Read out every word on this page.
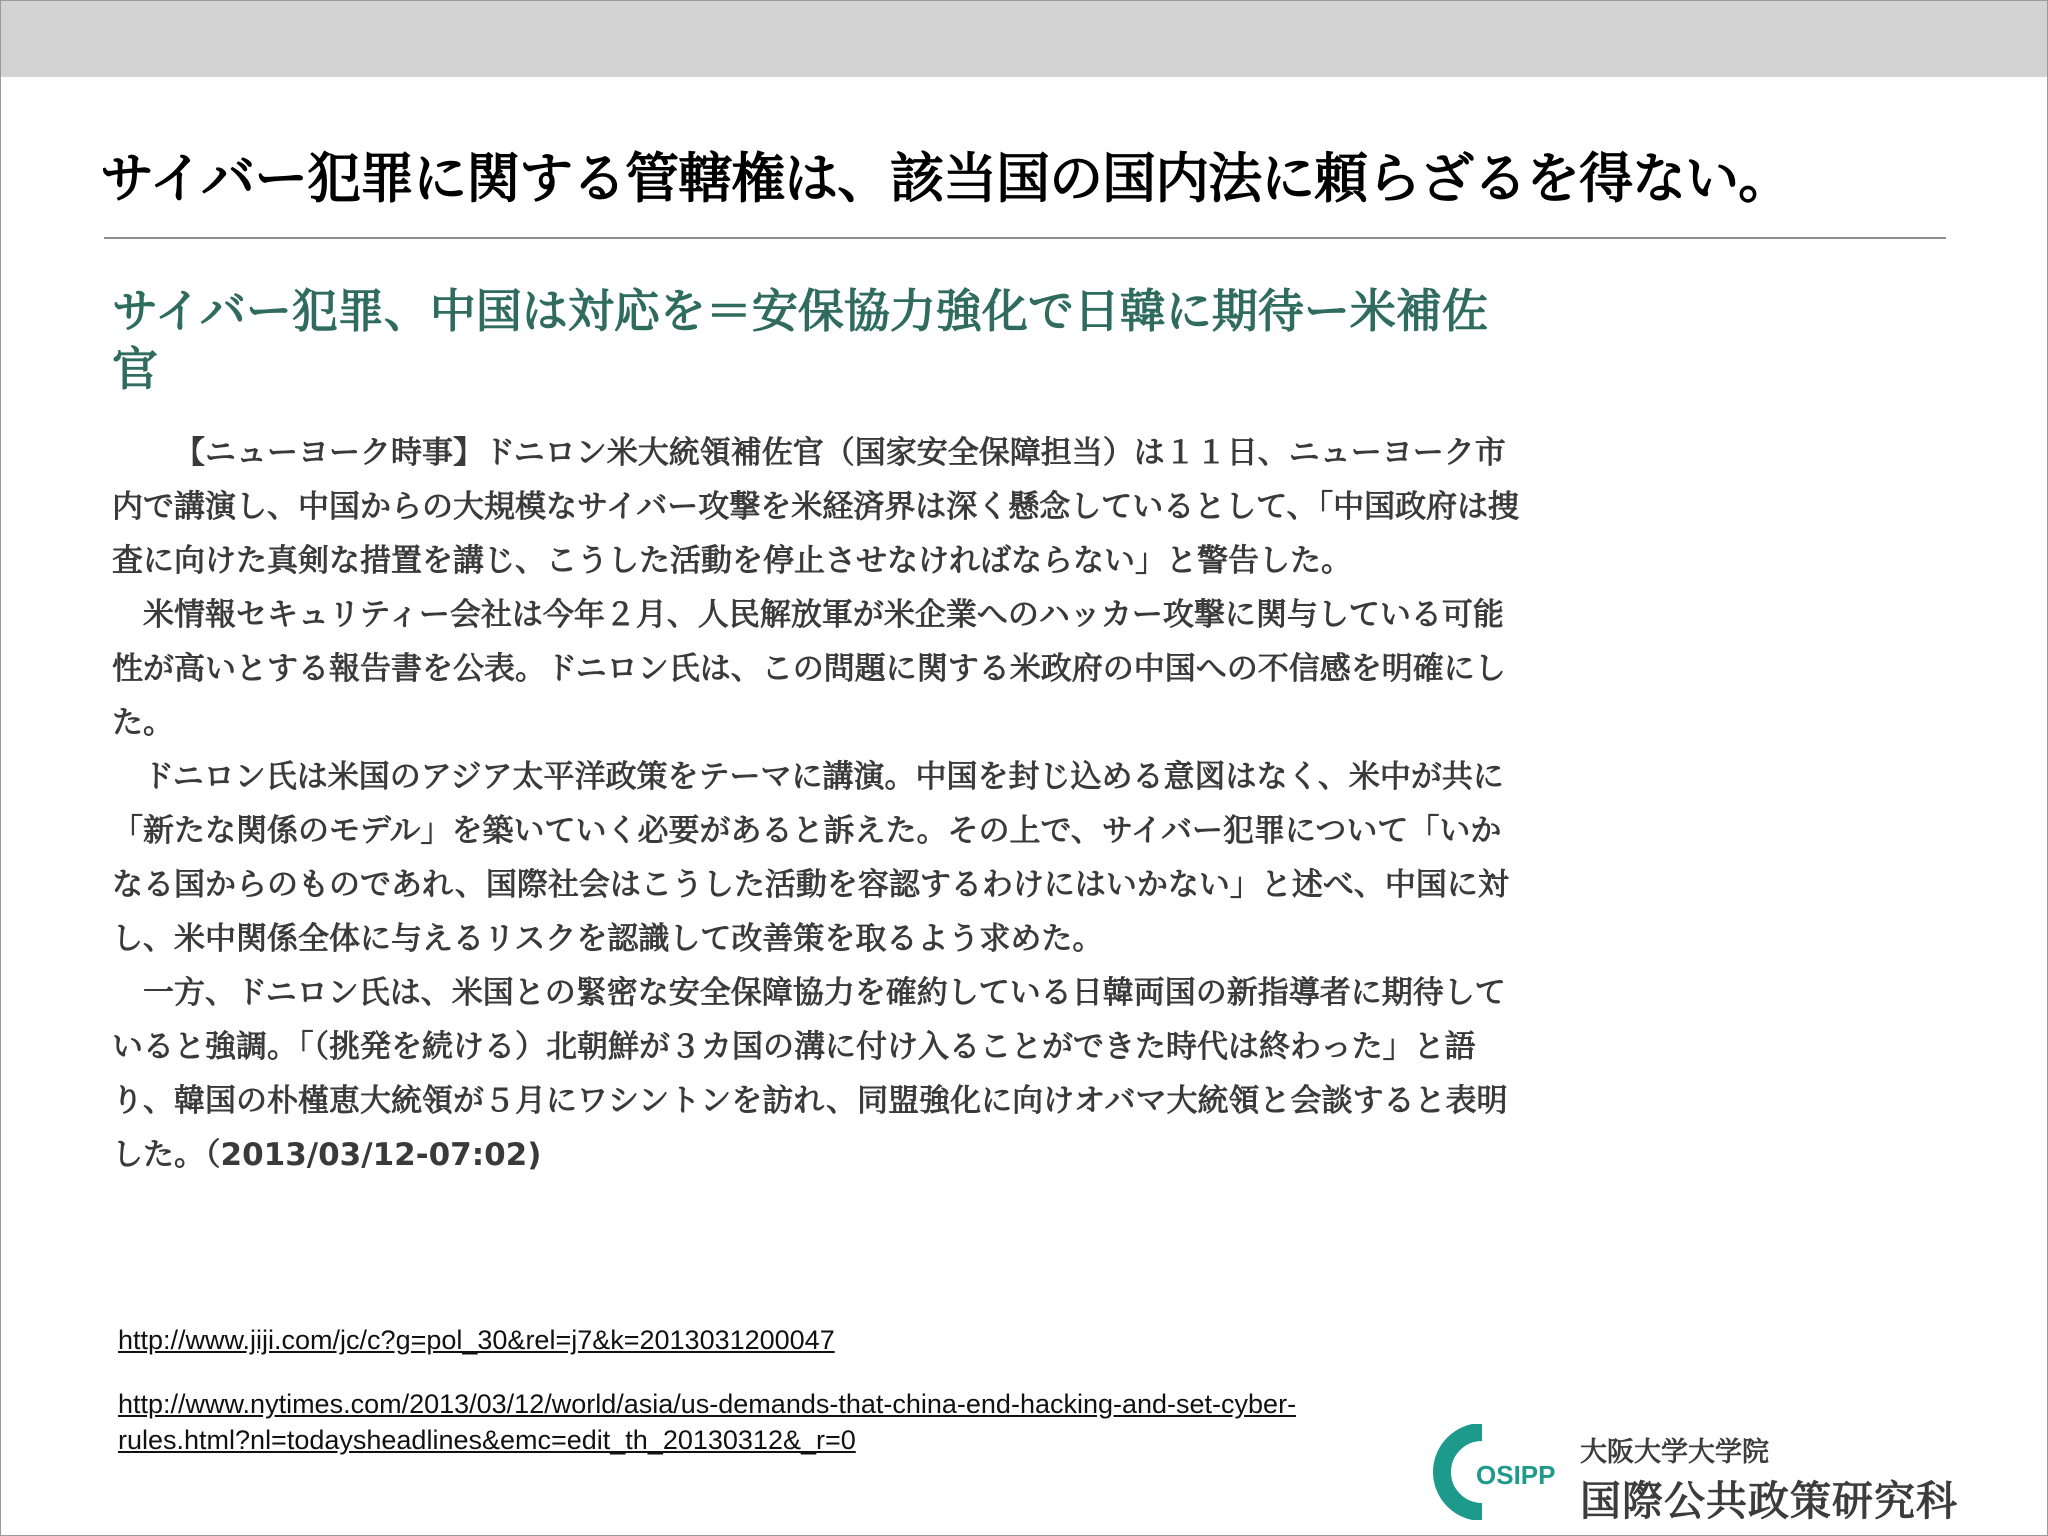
サイバー犯罪に関する管轄権は、該当国の国内法に頼らざるを得ない。
サイバー犯罪、中国は対応を＝安保協力強化で日韓に期待ー米補佐官

【ニューヨーク時事】ドニロン米大統領補佐官（国家安全保障担当）は１１日、ニューヨーク市内で講演し、中国からの大規模なサイバー攻撃を米経済界は深く懸念しているとして、「中国政府は捜査に向けた真剣な措置を講じ、こうした活動を停止させなければならない」と警告した。

米情報セキュリティー会社は今年２月、人民解放軍が米企業へのハッカー攻撃に関与している可能性が高いとする報告書を公表。ドニロン氏は、この問題に関する米政府の中国への不信感を明確にした。

ドニロン氏は米国のアジア太平洋政策をテーマに講演。中国を封じ込める意図はなく、米中が共に「新たな関係のモデル」を築いていく必要があると訴えた。その上で、サイバー犯罪について「いかなる国からのものであれ、国際社会はこうした活動を容認するわけにはいかない」と述べ、中国に対し、米中関係全体に与えるリスクを認識して改善策を取るよう求めた。

一方、ドニロン氏は、米国との緊密な安全保障協力を確約している日韓両国の新指導者に期待していると強調。「（挑発を続ける）北朝鮮が３カ国の溝に付け入ることができた時代は終わった」と語り、韓国の朴槿恵大統領が５月にワシントンを訪れ、同盟強化に向けオバマ大統領と会談すると表明した。（2013/03/12-07:02)

http://www.jiji.com/jc/c?g=pol_30&rel=j7&k=2013031200047
http://www.nytimes.com/2013/03/12/world/asia/us-demands-that-china-end-hacking-and-set-cyber-rules.html?nl=todaysheadlines&emc=edit_th_20130312&_r=0
OSIPP
大阪大学大学院
国際公共政策研究科
